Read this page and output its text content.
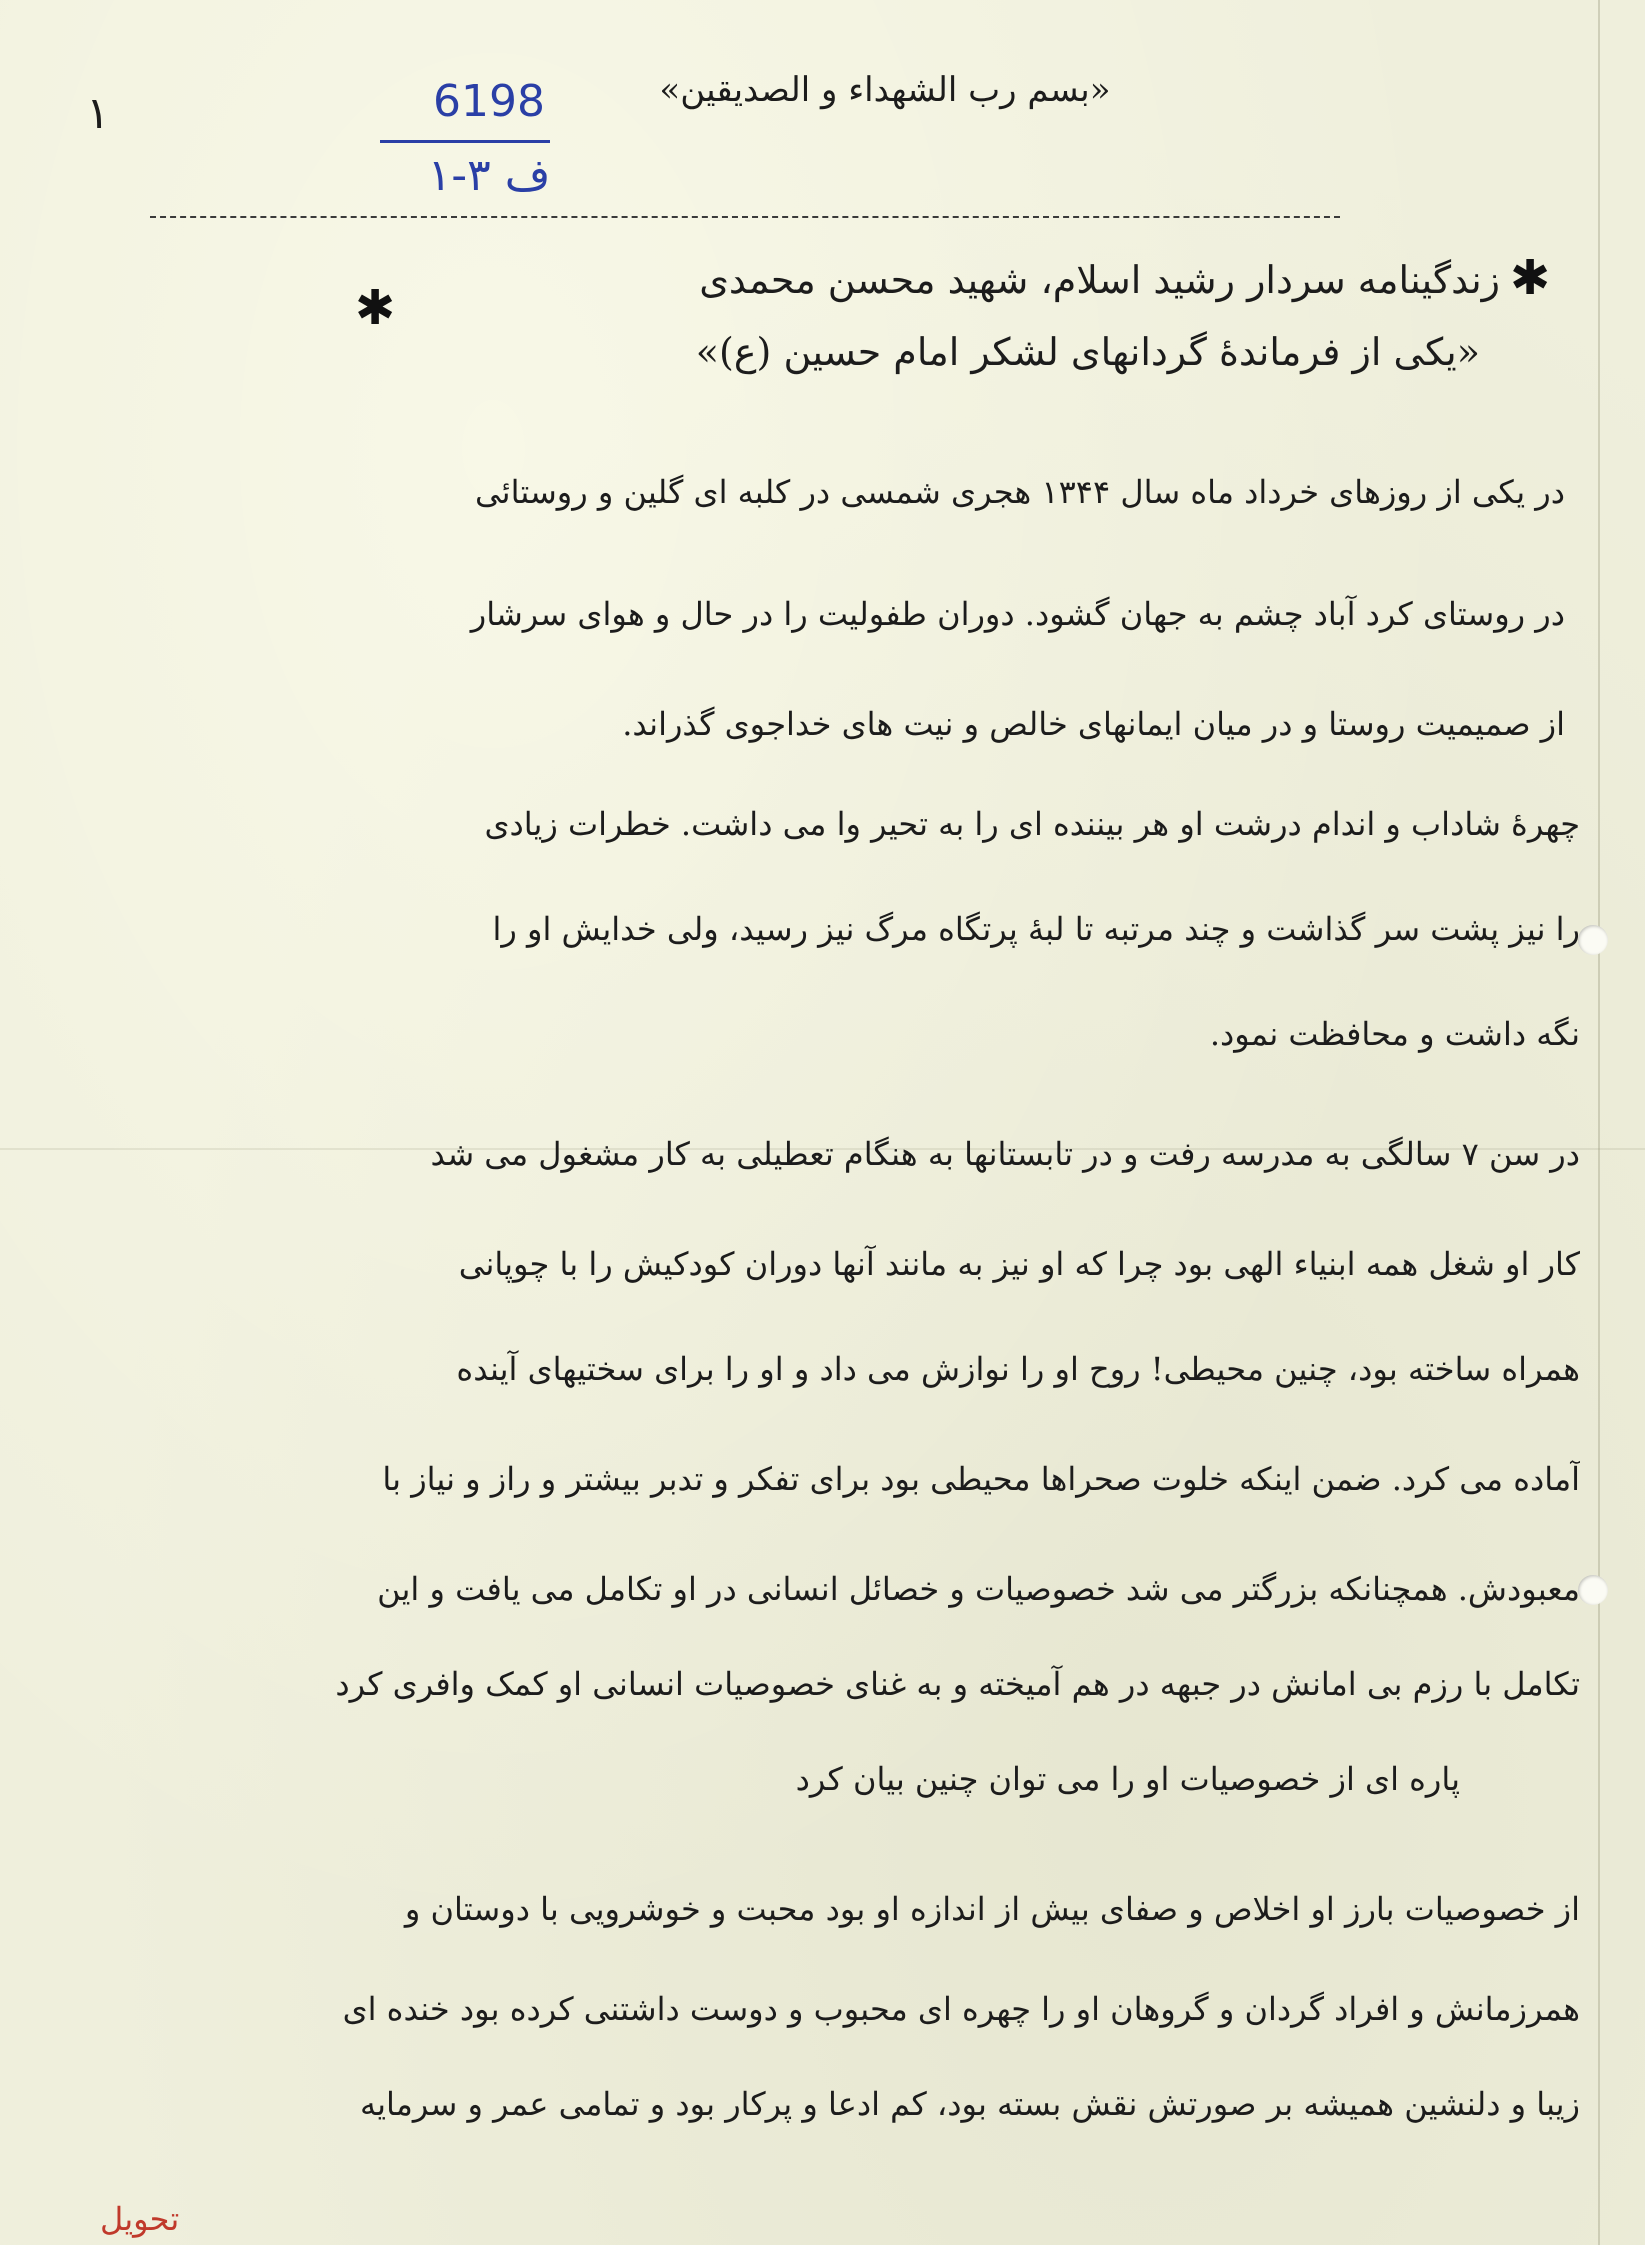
۱	«بسم رب الشهداء و الصدیقین»
6198
ف ۳-۱
✱
زندگینامه سردار رشید اسلام، شهید محسن محمدی
✱
«یکی از فرماندهٔ گردانهای لشکر امام حسین (ع)»
در یکی از روزهای خرداد ماه سال ۱۳۴۴ هجری شمسی در کلبه ای گلین و روستائی
در روستای کرد آباد چشم به جهان گشود. دوران طفولیت را در حال و هوای سرشار
از صمیمیت روستا و در میان ایمانهای خالص و نیت های خداجوی گذراند.
چهرهٔ شاداب و اندام درشت او هر بیننده ای را به تحیر وا می داشت. خطرات زیادی
را نیز پشت سر گذاشت و چند مرتبه تا لبهٔ پرتگاه مرگ نیز رسید، ولی خدایش او را
نگه داشت و محافظت نمود.
در سن ۷ سالگی به مدرسه رفت و در تابستانها به هنگام تعطیلی به کار مشغول می شد
کار او شغل همه ابنیاء الهی بود چرا که او نیز به مانند آنها دوران کودکیش را با چوپانی
همراه ساخته بود، چنین محیطی! روح او را نوازش می داد و او را برای سختیهای آینده
آماده می کرد. ضمن اینکه خلوت صحراها محیطی بود برای تفکر و تدبر بیشتر و راز و نیاز با
معبودش. همچنانکه بزرگتر می شد خصوصیات و خصائل انسانی در او تکامل می یافت و این
تکامل با رزم بی امانش در جبهه در هم آمیخته و به غنای خصوصیات انسانی او کمک وافری کرد
پاره ای از خصوصیات او را می توان چنین بیان کرد
از خصوصیات بارز او اخلاص و صفای بیش از اندازه او بود محبت و خوشرویی با دوستان و
همرزمانش و افراد گردان و گروهان او را چهره ای محبوب و دوست داشتنی کرده بود خنده ای
زیبا و دلنشین همیشه بر صورتش نقش بسته بود، کم ادعا و پرکار بود و تمامی عمر و سرمایه
تحویل
